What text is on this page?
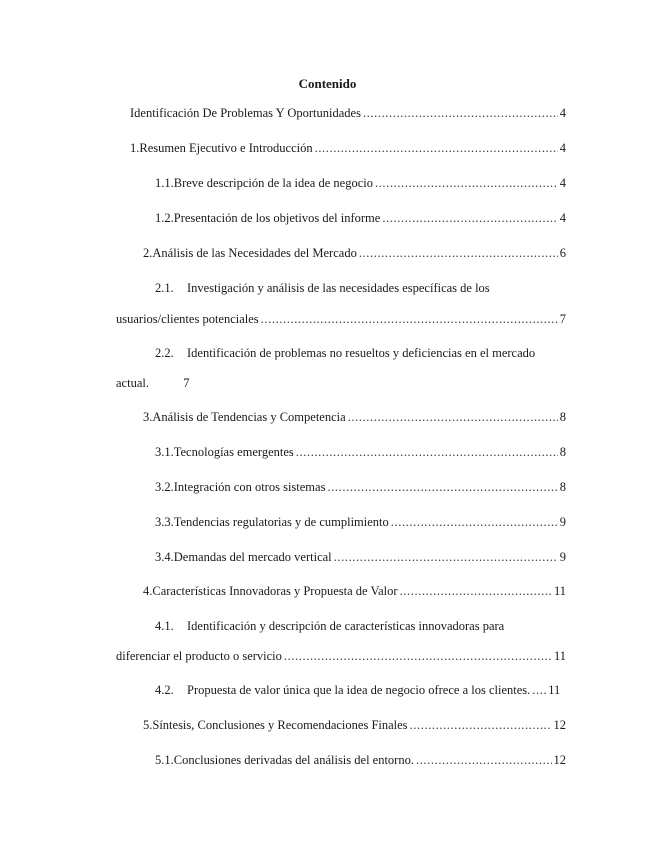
Contenido
Identificación De Problemas Y Oportunidades .....	4
1. Resumen Ejecutivo e Introducción .....	4
1.1. Breve descripción de la idea de negocio .....	4
1.2. Presentación de los objetivos del informe .....	4
2. Análisis de las Necesidades del Mercado .....	6
2.1. Investigación y análisis de las necesidades específicas de los
usuarios/clientes potenciales .....	7
2.2. Identificación de problemas no resueltos y deficiencias en el mercado
actual.	7
3. Análisis de Tendencias y Competencia .....	8
3.1. Tecnologías emergentes .....	8
3.2. Integración con otros sistemas .....	8
3.3. Tendencias regulatorias y de cumplimiento .....	9
3.4. Demandas del mercado vertical .....	9
4. Características Innovadoras y Propuesta de Valor .....	11
4.1. Identificación y descripción de características innovadoras para
diferenciar el producto o servicio .....	11
4.2.	Propuesta de valor única que la idea de negocio ofrece a los clientes. ..... 11
5. Síntesis, Conclusiones y Recomendaciones Finales .....	12
5.1. Conclusiones derivadas del análisis del entorno. .....	12
